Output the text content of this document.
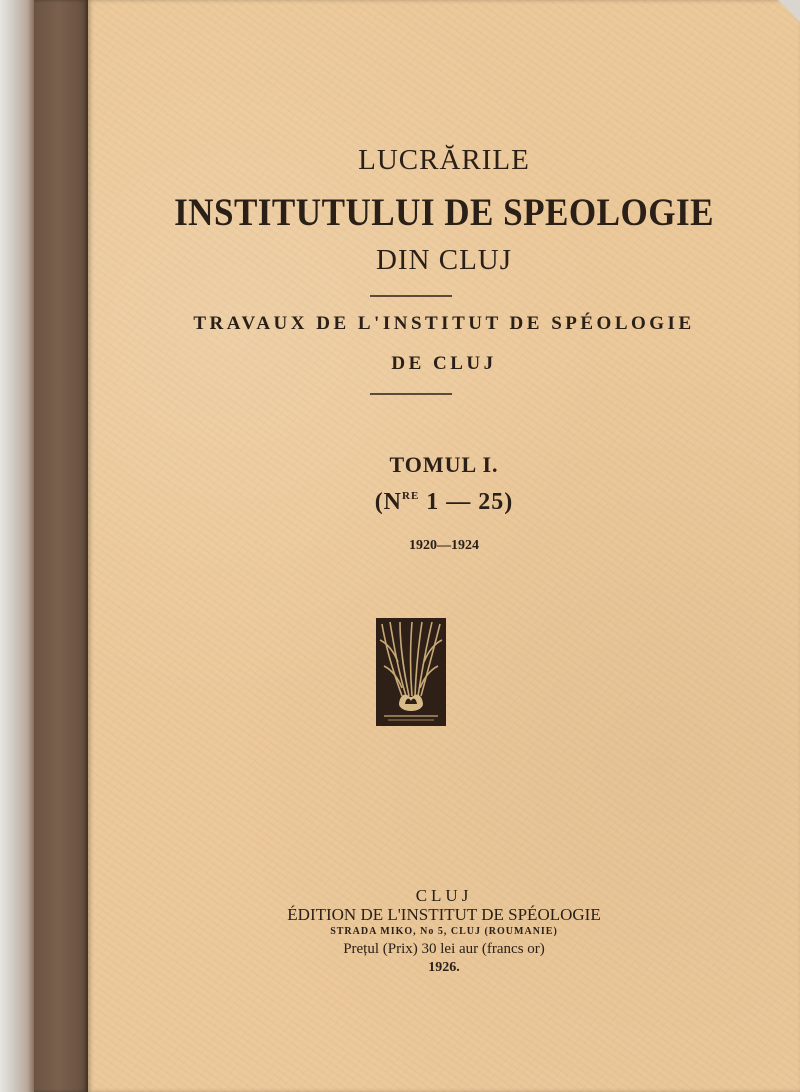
LUCRĂRILE
INSTITUTULUI DE SPEOLOGIE
DIN CLUJ
TRAVAUX DE L'INSTITUT DE SPÉOLOGIE
DE CLUJ
TOMUL I.
($N^{RE}$ 1 — 25)
1920—1924
CLUJ
ÉDITION DE L'INSTITUT DE SPÉOLOGIE
STRADA MIKO, No 5, CLUJ (ROUMANIE)
Prețul (Prix) 30 lei aur (francs or)
1926.
